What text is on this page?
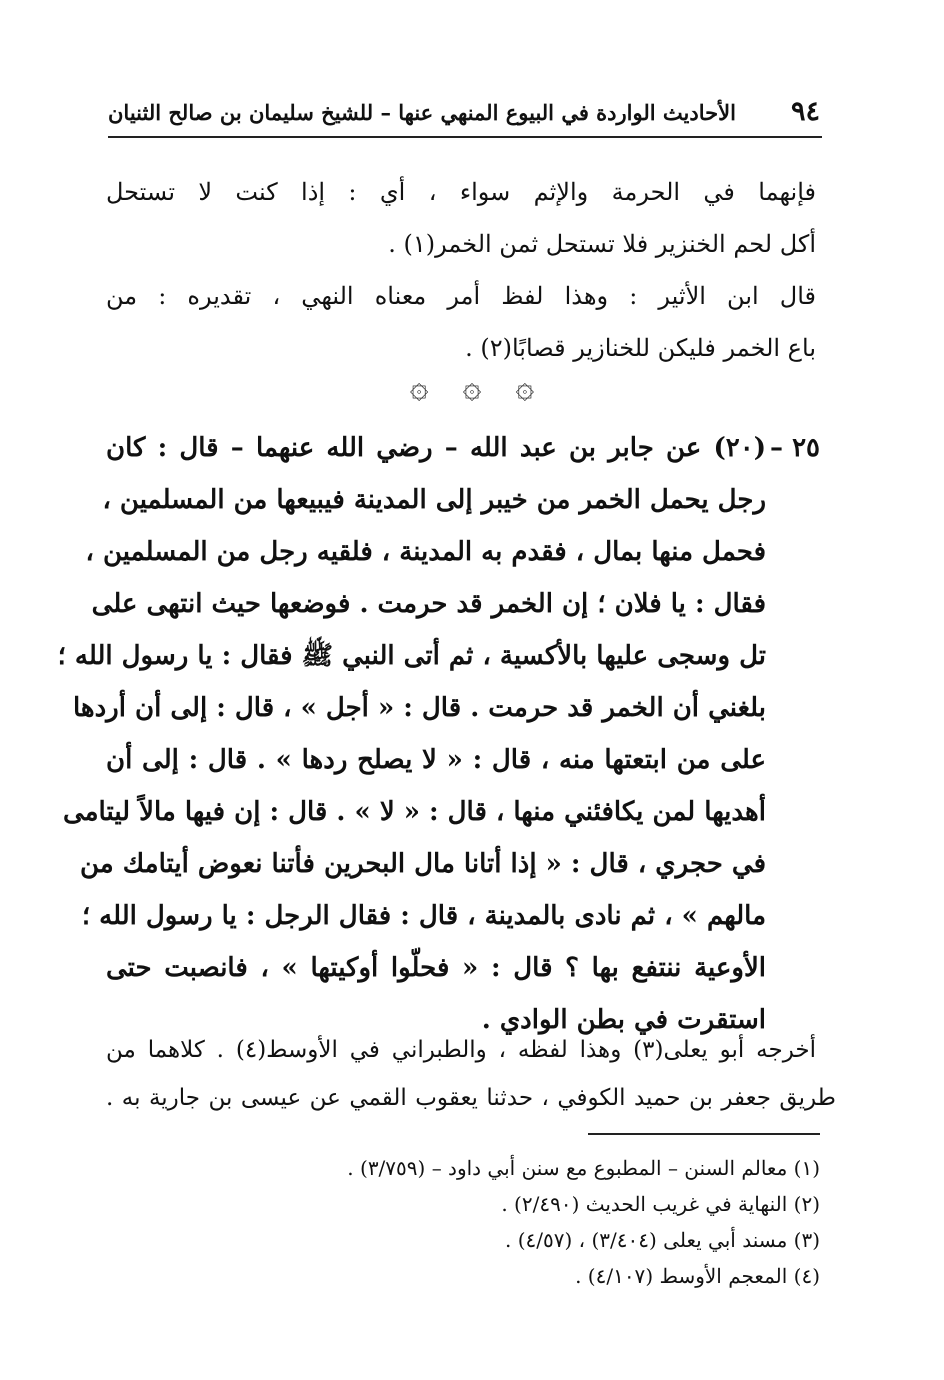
٩٤
الأحاديث الواردة في البيوع المنهي عنها – للشيخ سليمان بن صالح الثنيان
فإنهما في الحرمة والإثم سواء ، أي : إذا كنت لا تستحل
أكل لحم الخنزير فلا تستحل ثمن الخمر(١) .
قال ابن الأثير : وهذا لفظ أمر معناه النهي ، تقديره : من
باع الخمر فليكن للخنازير قصابًا(٢) .
۞ ۞ ۞
٢٥ –
(٢٠) عن جابر بن عبد الله – رضي الله عنهما – قال : كان
رجل يحمل الخمر من خيبر إلى المدينة فيبيعها من المسلمين ،
فحمل منها بمال ، فقدم به المدينة ، فلقيه رجل من المسلمين ،
فقال : يا فلان ؛ إن الخمر قد حرمت . فوضعها حيث انتهى على
تل وسجى عليها بالأكسية ، ثم أتى النبي ﷺ فقال : يا رسول الله ؛
بلغني أن الخمر قد حرمت . قال : « أجل » ، قال : إلى أن أردها
على من ابتعتها منه ، قال : « لا يصلح ردها » . قال : إلى أن
أهديها لمن يكافئني منها ، قال : « لا » . قال : إن فيها مالاً ليتامى
في حجري ، قال : « إذا أتانا مال البحرين فأتنا نعوض أيتامك من
مالهم » ، ثم نادى بالمدينة ، قال : فقال الرجل : يا رسول الله ؛
الأوعية ننتفع بها ؟ قال : « فحلّوا أوكيتها » ، فانصبت حتى
استقرت في بطن الوادي .
أخرجه أبو يعلى(٣) وهذا لفظه ، والطبراني في الأوسط(٤) . كلاهما من
طريق جعفر بن حميد الكوفي ، حدثنا يعقوب القمي عن عيسى بن جارية به .
(١) معالم السنن – المطبوع مع سنن أبي داود – (٣/٧٥٩) .
(٢) النهاية في غريب الحديث (٢/٤٩٠) .
(٣) مسند أبي يعلى (٣/٤٠٤) ، (٤/٥٧) .
(٤) المعجم الأوسط (٤/١٠٧) .
